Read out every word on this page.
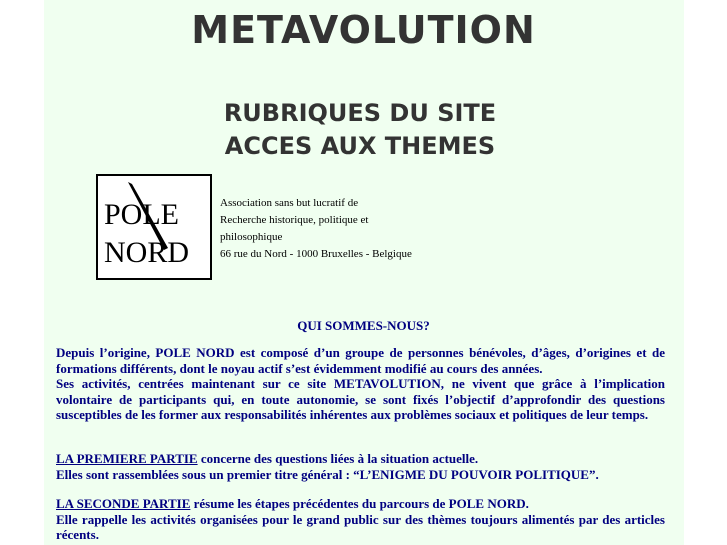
METAVOLUTION
RUBRIQUES DU SITE
ACCES AUX THEMES
POLE
NORD
Association sans but lucratif de
Recherche historique, politique et
philosophique
66 rue du Nord - 1000 Bruxelles - Belgique
QUI SOMMES-NOUS?
Depuis l’origine, POLE NORD est composé d’un groupe de personnes bénévoles, d’âges, d’origines et de formations différents, dont le noyau actif s’est évidemment modifié au cours des années.
Ses activités, centrées maintenant sur ce site METAVOLUTION, ne vivent que grâce à l’implication volontaire de participants qui, en toute autonomie, se sont fixés l’objectif d’approfondir des questions susceptibles de les former aux responsabilités inhérentes aux problèmes sociaux et politiques de leur temps.
LA PREMIERE PARTIE concerne des questions liées à la situation actuelle.
Elles sont rassemblées sous un premier titre général : “L’ENIGME DU POUVOIR POLITIQUE”.
LA SECONDE PARTIE résume les étapes précédentes du parcours de POLE NORD.
Elle rappelle les activités organisées pour le grand public sur des thèmes toujours alimentés par des articles récents.
